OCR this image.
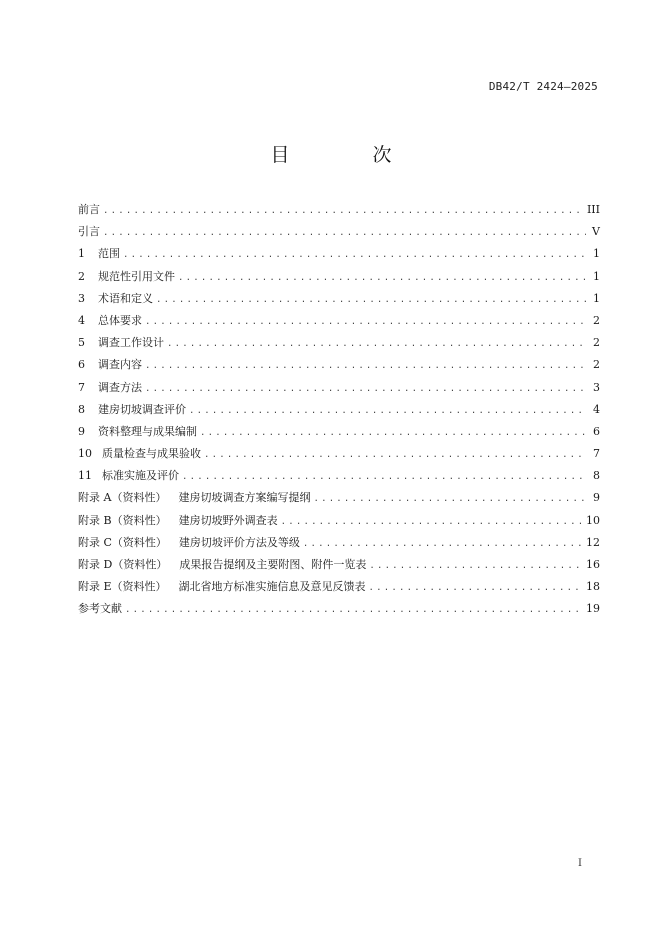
DB42/T 2424—2025
目　次
前言 .....	III
引言 .....	V
1	范围 .....	1
2	规范性引用文件 .....	1
3	术语和定义 .....	1
4	总体要求 .....	2
5	调查工作设计 .....	2
6	调查内容 .....	2
7	调查方法 .....	3
8	建房切坡调查评价 .....	4
9	资料整理与成果编制 .....	6
10 质量检查与成果验收 .....	7
11 标准实施及评价 .....	8
附录 A（资料性） 建房切坡调查方案编写提纲 .....	9
附录 B（资料性） 建房切坡野外调查表 .....	10
附录 C（资料性） 建房切坡评价方法及等级 .....	12
附录 D（资料性） 成果报告提纲及主要附图、附件一览表 .....	16
附录 E（资料性） 湖北省地方标准实施信息及意见反馈表 .....	18
参考文献 .....	19
I
